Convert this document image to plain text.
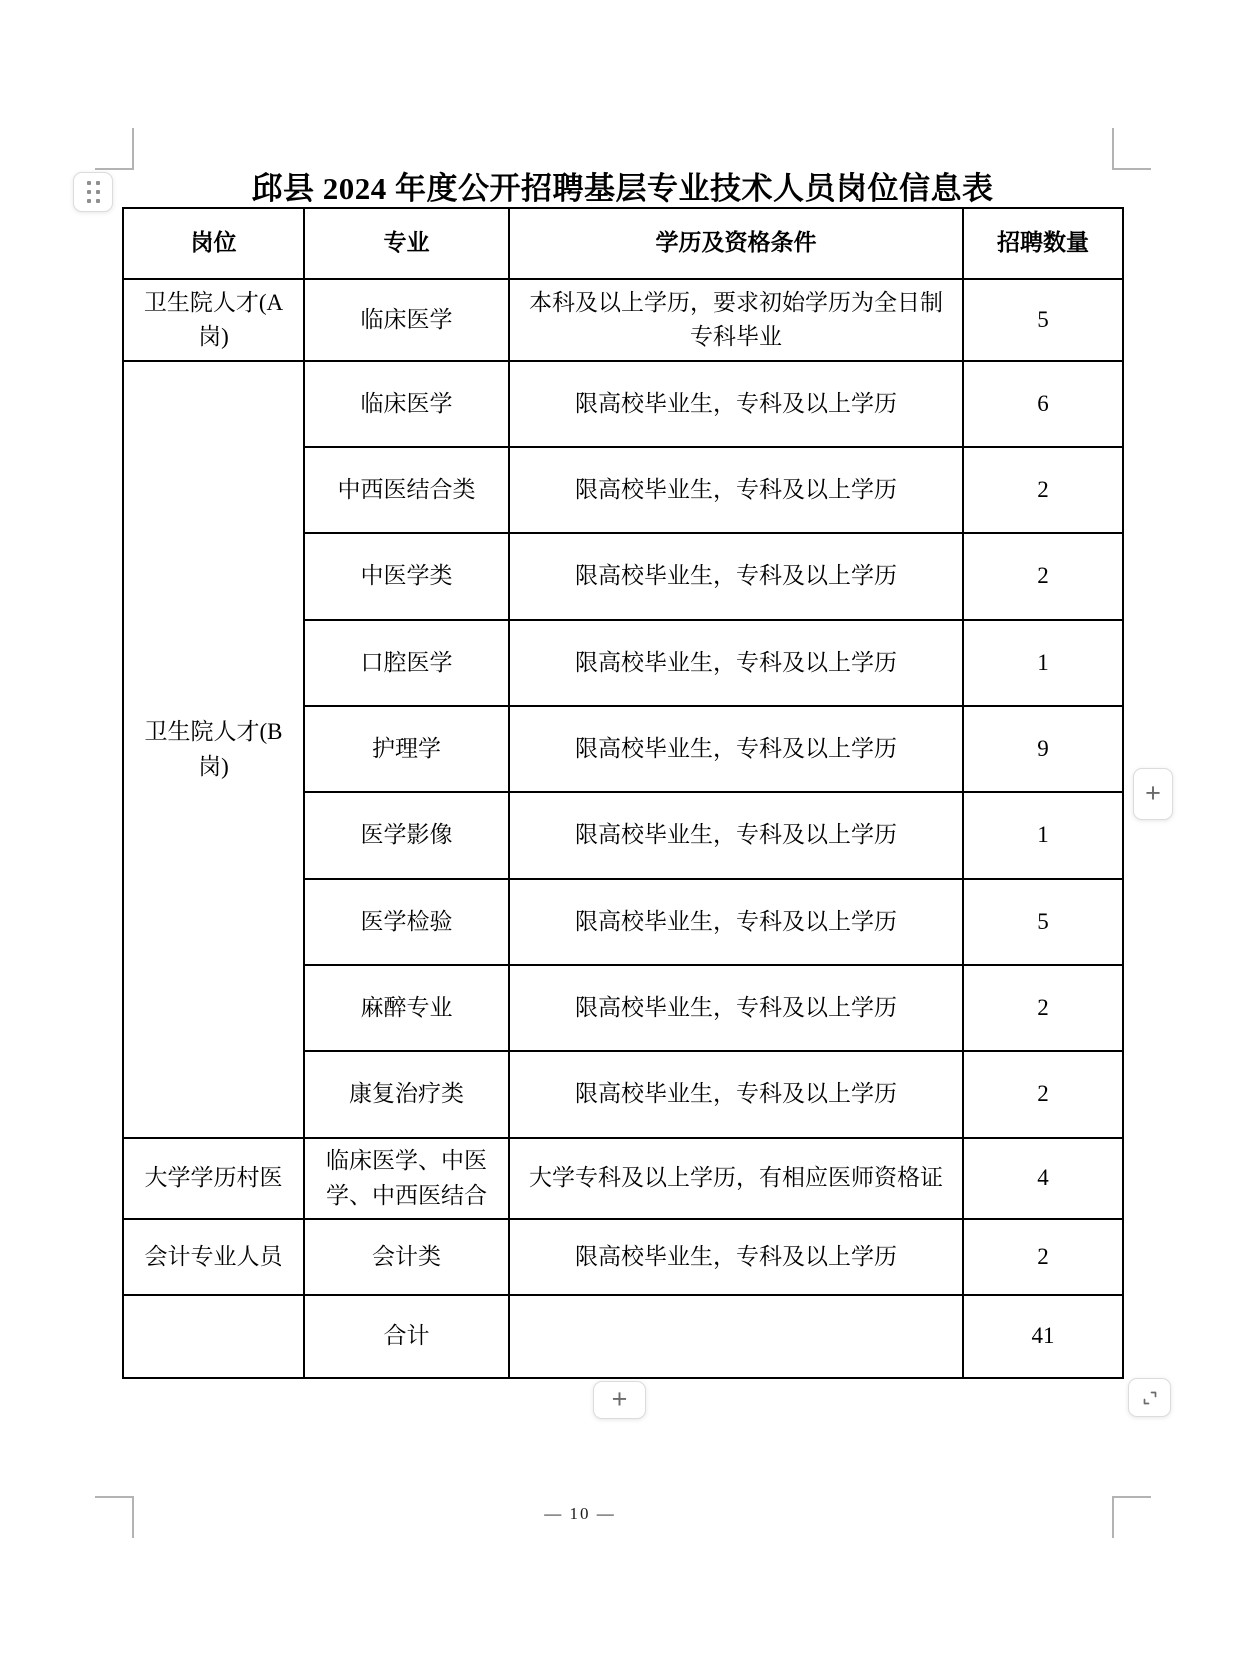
邱县 2024 年度公开招聘基层专业技术人员岗位信息表
岗位	专业	学历及资格条件	招聘数量
卫生院人才(A岗)	临床医学	本科及以上学历，要求初始学历为全日制专科毕业	5
卫生院人才(B岗)	临床医学	限高校毕业生，专科及以上学历	6
	中西医结合类	限高校毕业生，专科及以上学历	2
	中医学类	限高校毕业生，专科及以上学历	2
	口腔医学	限高校毕业生，专科及以上学历	1
	护理学	限高校毕业生，专科及以上学历	9
	医学影像	限高校毕业生，专科及以上学历	1
	医学检验	限高校毕业生，专科及以上学历	5
	麻醉专业	限高校毕业生，专科及以上学历	2
	康复治疗类	限高校毕业生，专科及以上学历	2
大学学历村医	临床医学、中医学、中西医结合	大学专科及以上学历，有相应医师资格证	4
会计专业人员	会计类	限高校毕业生，专科及以上学历	2
	合计		41
+
+
— 10 —
